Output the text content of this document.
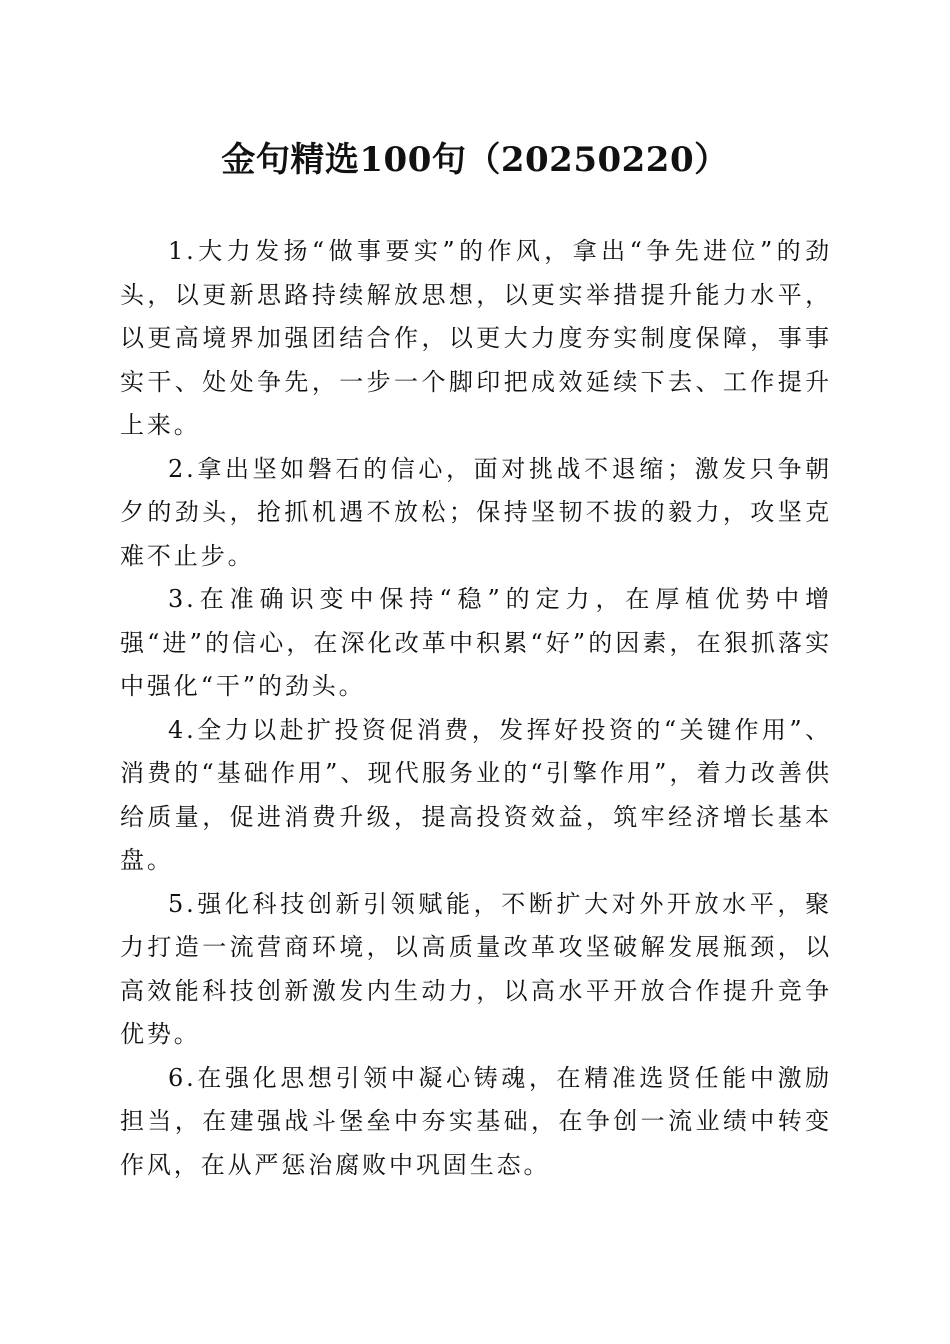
金句精选100句（20250220）

1.大力发扬“做事要实”的作风，拿出“争先进位”的劲头，以更新思路持续解放思想，以更实举措提升能力水平，以更高境界加强团结合作，以更大力度夯实制度保障，事事实干、处处争先，一步一个脚印把成效延续下去、工作提升上来。

2.拿出坚如磐石的信心，面对挑战不退缩；激发只争朝夕的劲头，抢抓机遇不放松；保持坚韧不拔的毅力，攻坚克难不止步。

3.在准确识变中保持“稳”的定力，在厚植优势中增强“进”的信心，在深化改革中积累“好”的因素，在狠抓落实中强化“干”的劲头。

4.全力以赴扩投资促消费，发挥好投资的“关键作用”、消费的“基础作用”、现代服务业的“引擎作用”，着力改善供给质量，促进消费升级，提高投资效益，筑牢经济增长基本盘。

5.强化科技创新引领赋能，不断扩大对外开放水平，聚力打造一流营商环境，以高质量改革攻坚破解发展瓶颈，以高效能科技创新激发内生动力，以高水平开放合作提升竞争优势。

6.在强化思想引领中凝心铸魂，在精准选贤任能中激励担当，在建强战斗堡垒中夯实基础，在争创一流业绩中转变作风，在从严惩治腐败中巩固生态。
